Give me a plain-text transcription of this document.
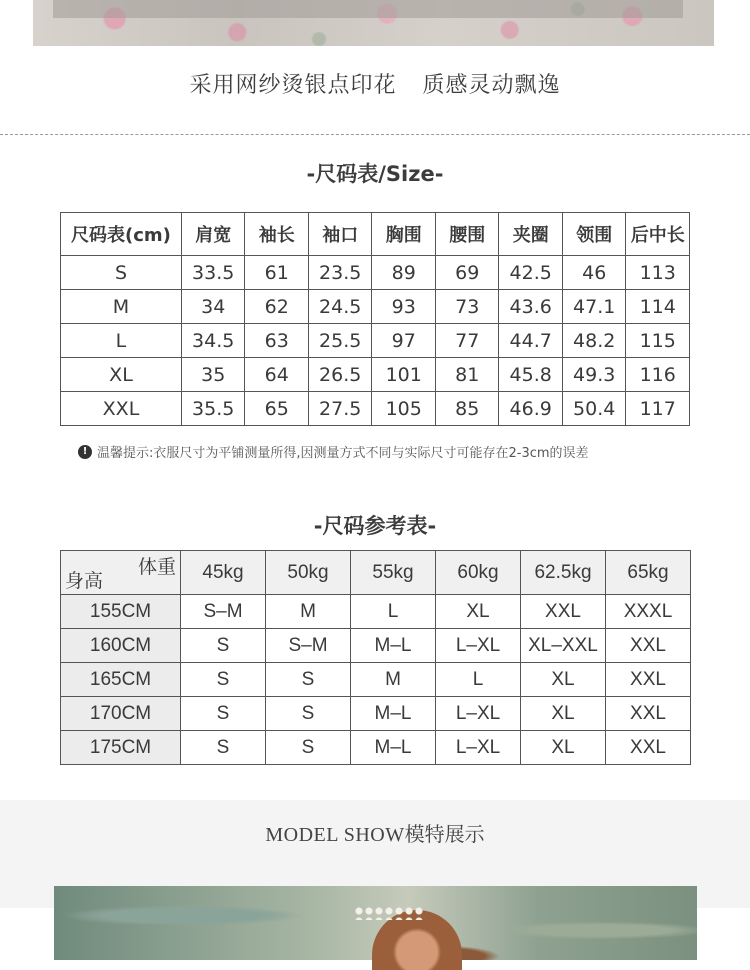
采用网纱烫银点印花 质感灵动飘逸
-尺码表/Size-
尺码表(cm)	肩宽	袖长	袖口	胸围	腰围	夹圈	领围	后中长
S	33.5	61	23.5	89	69	42.5	46	113
M	34	62	24.5	93	73	43.6	47.1	114
L	34.5	63	25.5	97	77	44.7	48.2	115
XL	35	64	26.5	101	81	45.8	49.3	116
XXL	35.5	65	27.5	105	85	46.9	50.4	117
! 温馨提示:衣服尺寸为平铺测量所得,因测量方式不同与实际尺寸可能存在2-3cm的误差
-尺码参考表-
体重
身高	45kg	50kg	55kg	60kg	62.5kg	65kg
155CM	S–M	M	L	XL	XXL	XXXL
160CM	S	S–M	M–L	L–XL	XL–XXL	XXL
165CM	S	S	M	L	XL	XXL
170CM	S	S	M–L	L–XL	XL	XXL
175CM	S	S	M–L	L–XL	XL	XXL
MODEL SHOW模特展示
